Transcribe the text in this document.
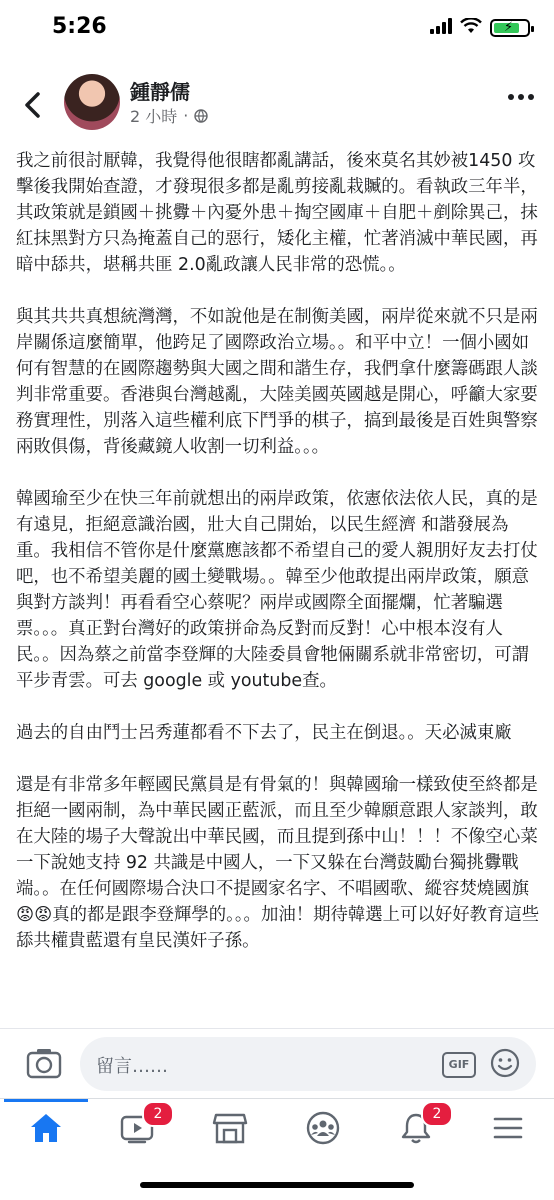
5:26	⚡
鍾靜儒
2 小時 ·

我之前很討厭韓，我覺得他很瞎都亂講話，後來莫名其妙被1450 攻擊後我開始查證，才發現很多都是亂剪接亂栽贓的。看執政三年半，其政策就是鎖國＋挑釁＋內憂外患＋掏空國庫＋自肥＋剷除異己，抹紅抹黑對方只為掩蓋自己的惡行，矮化主權，忙著消滅中華民國，再暗中舔共，堪稱共匪 2.0亂政讓人民非常的恐慌。。

與其共共真想統灣灣，不如說他是在制衡美國，兩岸從來就不只是兩岸關係這麼簡單，他跨足了國際政治立場。。和平中立！一個小國如何有智慧的在國際趨勢與大國之間和諧生存，我們拿什麼籌碼跟人談判非常重要。香港與台灣越亂，大陸美國英國越是開心，呼籲大家要務實理性，別落入這些權利底下鬥爭的棋子，搞到最後是百姓與警察兩敗俱傷，背後藏鏡人收割一切利益。。。

韓國瑜至少在快三年前就想出的兩岸政策，依憲依法依人民，真的是有遠見，拒絕意識治國，壯大自己開始，以民生經濟 和諧發展為重。我相信不管你是什麼黨應該都不希望自己的愛人親朋好友去打仗吧，也不希望美麗的國土變戰場。。韓至少他敢提出兩岸政策，願意與對方談判！再看看空心蔡呢？兩岸或國際全面擺爛，忙著騙選票。。。真正對台灣好的政策拼命為反對而反對！心中根本沒有人民。。因為蔡之前當李登輝的大陸委員會牠倆關系就非常密切，可謂平步青雲。可去 google 或 youtube查。

過去的自由鬥士呂秀蓮都看不下去了，民主在倒退。。天必滅東廠

還是有非常多年輕國民黨員是有骨氣的！與韓國瑜一樣致使至終都是拒絕一國兩制，為中華民國正藍派，而且至少韓願意跟人家談判，敢在大陸的場子大聲說出中華民國，而且提到孫中山！！！不像空心菜一下說她支持 92 共識是中國人，一下又躲在台灣鼓勵台獨挑釁戰端。。在任何國際場合決口不提國家名字、不唱國歌、縱容焚燒國旗😡😡真的都是跟李登輝學的。。。加油！期待韓選上可以好好教育這些舔共權貴藍還有皇民漢奸子孫。

留言……	GIF
2	2
